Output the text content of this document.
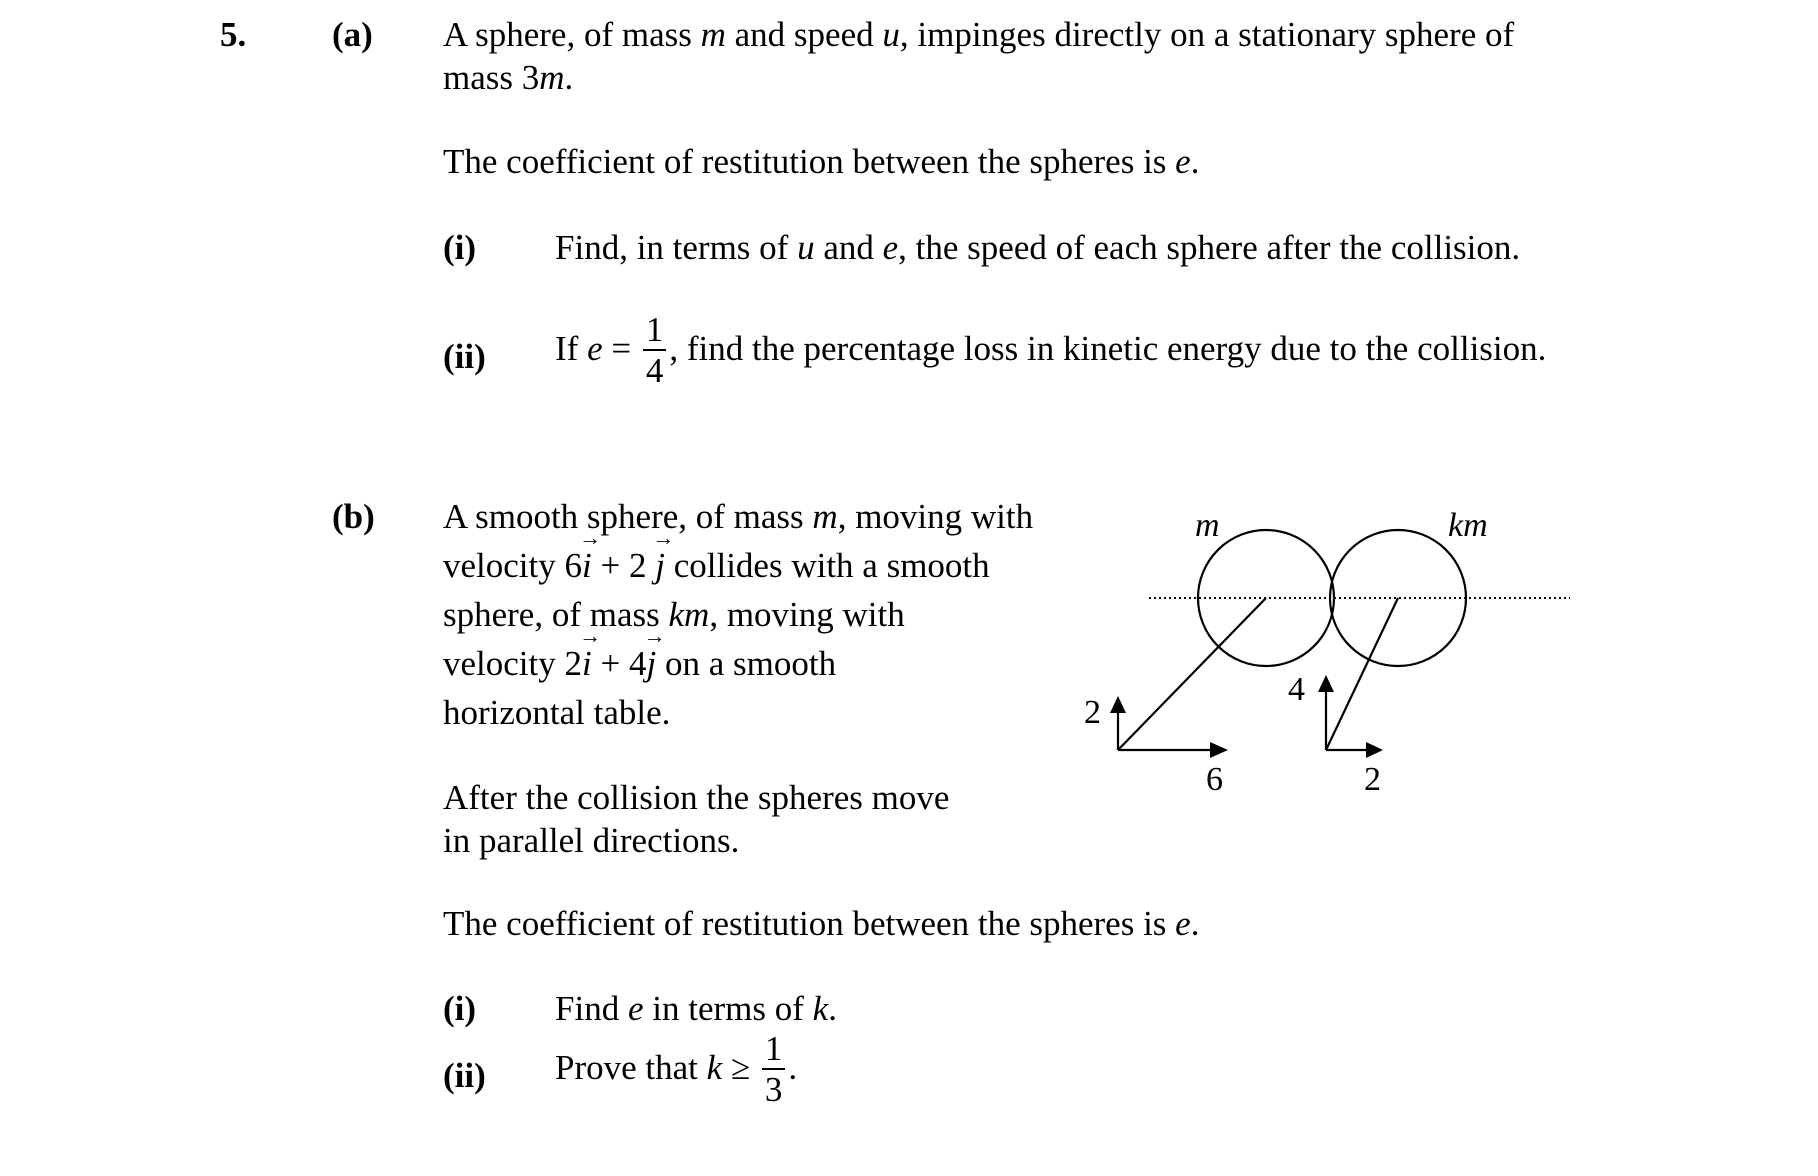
5. (a) A sphere, of mass m and speed u, impinges directly on a stationary sphere of
mass 3m.
The coefficient of restitution between the spheres is e.
(i) Find, in terms of u and e, the speed of each sphere after the collision.
(ii) If $e = \frac{1}{4}$ , find the percentage loss in kinetic energy due to the collision.
(b) A smooth sphere, of mass m, moving with
velocity 6→ i + 2 → j collides with a smooth
sphere, of mass km, moving with
velocity 2→ i + 4→ j on a smooth
horizontal table.
After the collision the spheres move
in parallel directions.
The coefficient of restitution between the spheres is e.
(i) Find e in terms of k.
(ii) Prove that $k \ge \frac{1}{3}$ .
m	km
6
2
2
4
